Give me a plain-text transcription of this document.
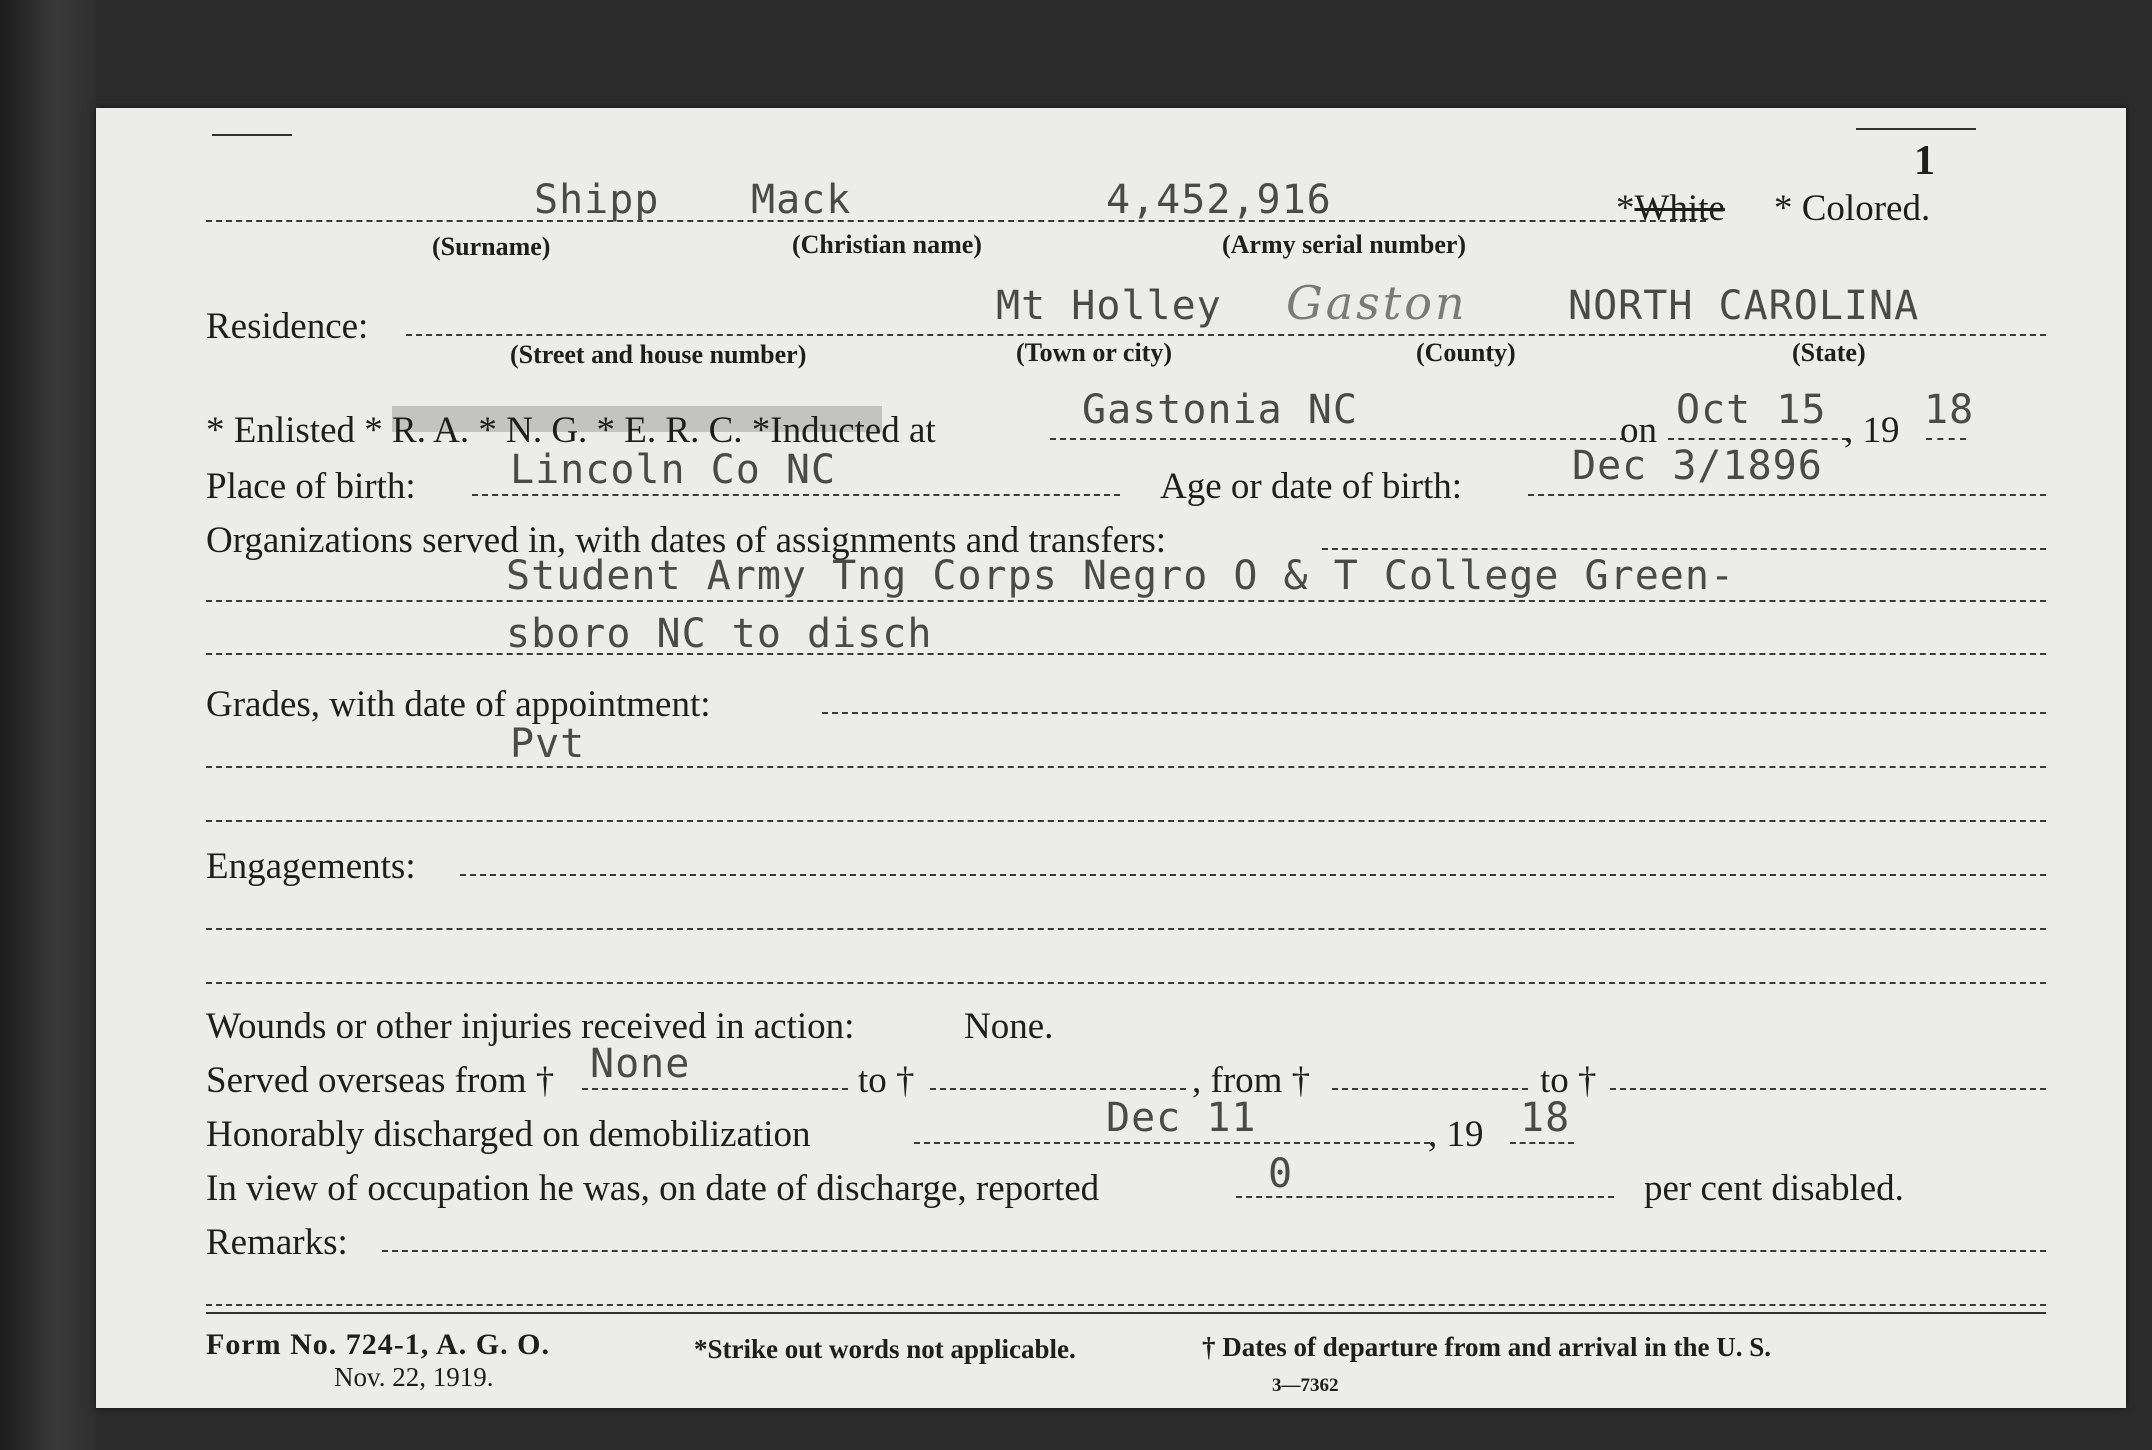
1
Shipp Mack	4,452,916	*White * Colored.
(Surname)	(Christian name)	(Army serial number)
Residence:	Mt Holley Gaston	NORTH CAROLINA
(Street and house number)	(Town or city)	(County)	(State)
* Enlisted * R. A. * N. G. * E. R. C. *Inducted at	Gastonia NC	on Oct 15 , 19 18
Place of birth: Lincoln Co NC	Age or date of birth:	Dec 3/1896
Organizations served in, with dates of assignments and transfers:
Student Army Tng Corps Negro O & T College Green-
sboro NC to disch
Grades, with date of appointment:
Pvt
Engagements:
Wounds or other injuries received in action:	None.
Served overseas from † None	to †	, from †	to †
Honorably discharged on demobilization	Dec 11	, 19 18
In view of occupation he was, on date of discharge, reported	0	per cent disabled.
Remarks:
Form No. 724-1, A. G. O.
Nov. 22, 1919.
*Strike out words not applicable.	† Dates of departure from and arrival in the U. S.
3—7362
